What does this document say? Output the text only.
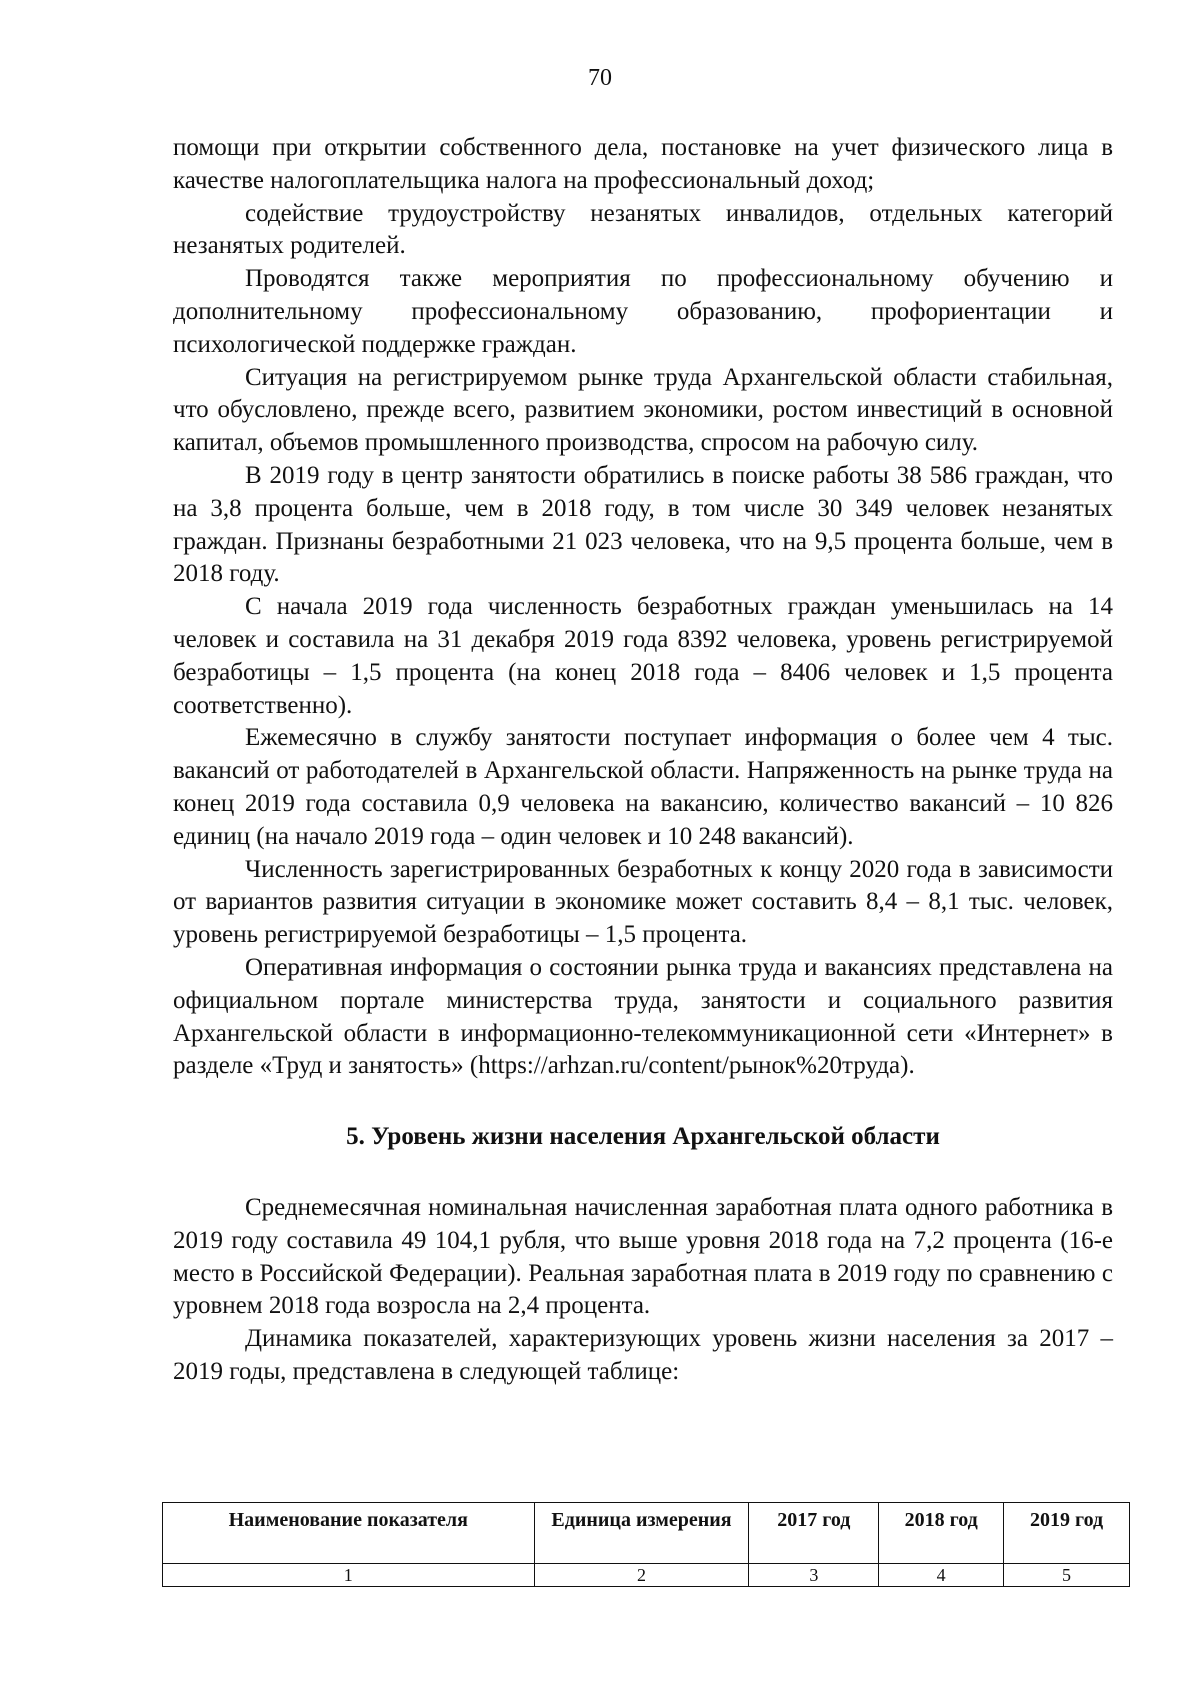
70

помощи при открытии собственного дела, постановке на учет физического лица в качестве налогоплательщика налога на профессиональный доход;

содействие трудоустройству незанятых инвалидов, отдельных категорий незанятых родителей.

Проводятся также мероприятия по профессиональному обучению и дополнительному профессиональному образованию, профориентации и психологической поддержке граждан.

Ситуация на регистрируемом рынке труда Архангельской области стабильная, что обусловлено, прежде всего, развитием экономики, ростом инвестиций в основной капитал, объемов промышленного производства, спросом на рабочую силу.

В 2019 году в центр занятости обратились в поиске работы 38 586 граждан, что на 3,8 процента больше, чем в 2018 году, в том числе 30 349 человек незанятых граждан. Признаны безработными 21 023 человека, что на 9,5 процента больше, чем в 2018 году.

С начала 2019 года численность безработных граждан уменьшилась на 14 человек и составила на 31 декабря 2019 года 8392 человека, уровень регистрируемой безработицы – 1,5 процента (на конец 2018 года – 8406 человек и 1,5 процента соответственно).

Ежемесячно в службу занятости поступает информация о более чем 4 тыс. вакансий от работодателей в Архангельской области. Напряженность на рынке труда на конец 2019 года составила 0,9 человека на вакансию, количество вакансий – 10 826 единиц (на начало 2019 года – один человек и 10 248 вакансий).

Численность зарегистрированных безработных к концу 2020 года в зависимости от вариантов развития ситуации в экономике может составить 8,4 – 8,1 тыс. человек, уровень регистрируемой безработицы – 1,5 процента.

Оперативная информация о состоянии рынка труда и вакансиях представлена на официальном портале министерства труда, занятости и социального развития Архангельской области в информационно-телекоммуникационной сети «Интернет» в разделе «Труд и занятость» (https://arhzan.ru/content/рынок%20труда).

5. Уровень жизни населения Архангельской области

Среднемесячная номинальная начисленная заработная плата одного работника в 2019 году составила 49 104,1 рубля, что выше уровня 2018 года на 7,2 процента (16-е место в Российской Федерации). Реальная заработная плата в 2019 году по сравнению с уровнем 2018 года возросла на 2,4 процента.

Динамика показателей, характеризующих уровень жизни населения за 2017 – 2019 годы, представлена в следующей таблице:

Наименование показателя	Единица измерения	2017 год	2018 год	2019 год
1	2	3	4	5
